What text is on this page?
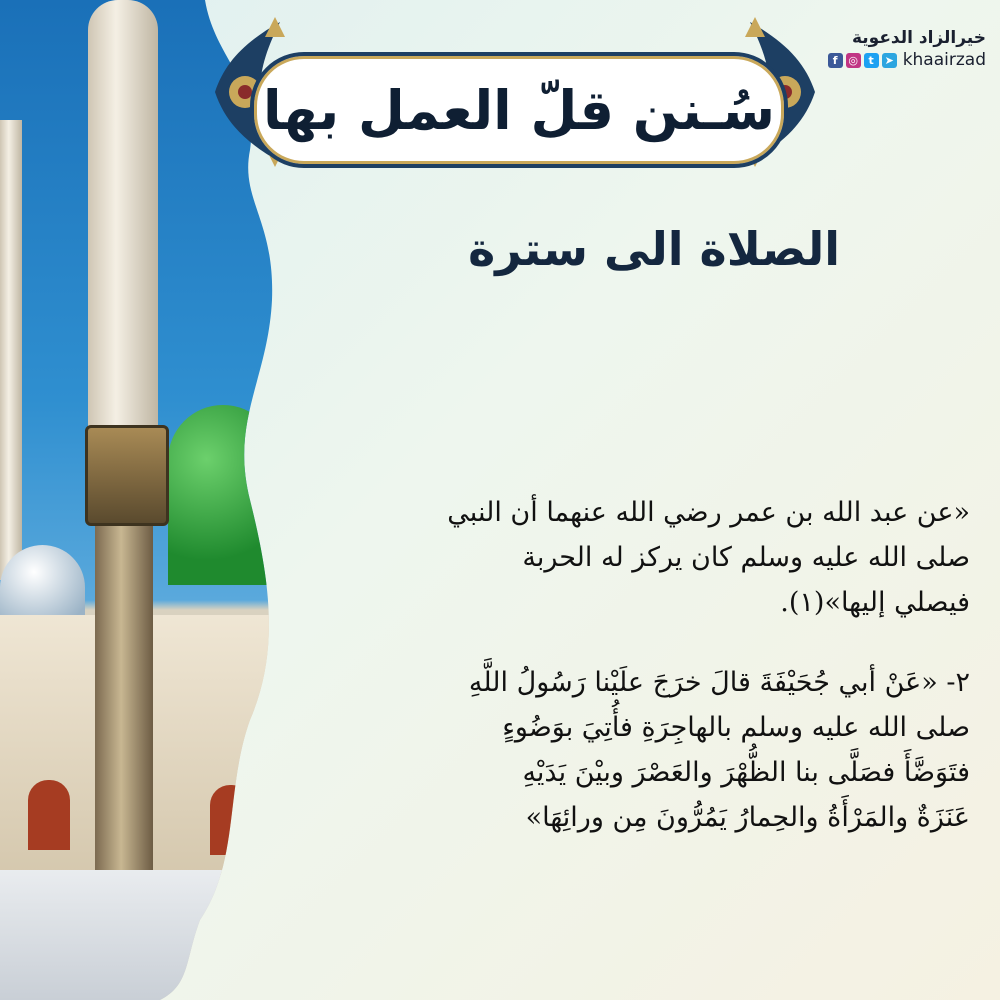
سُـنن قلّ العمل بها
خيرالزاد الدعوية
f ◎ t ➤ khaairzad
الصلاة الى سترة
«عن عبد الله بن عمر رضي الله عنهما أن النبي
صلى الله عليه وسلم كان يركز له الحربة
فيصلي إليها»(١).
٢- «عَنْ أبي جُحَيْفَةَ قالَ خرَجَ علَيْنا رَسُولُ اللَّهِ
صلى الله عليه وسلم بالهاجِرَةِ فأُتِيَ بوَضُوءٍ
فتَوَضَّأَ فصَلَّى بنا الظُّهْرَ والعَصْرَ وبيْنَ يَدَيْهِ
عَنَزَةٌ والمَرْأَةُ والحِمارُ يَمُرُّونَ مِن ورائِهَا»
